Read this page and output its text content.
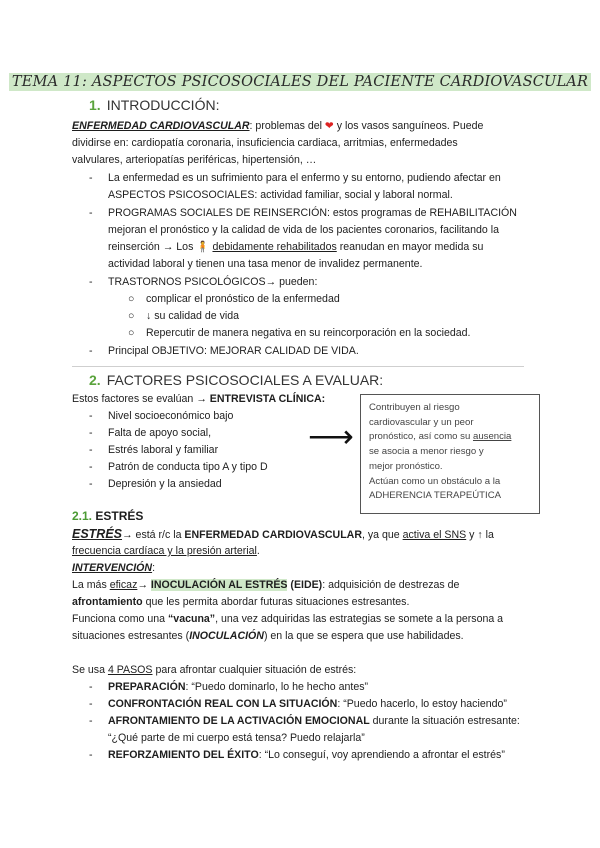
TEMA 11: ASPECTOS PSICOSOCIALES DEL PACIENTE CARDIOVASCULAR
1. INTRODUCCIÓN:
ENFERMEDAD CARDIOVASCULAR: problemas del ❤ y los vasos sanguíneos. Puede
dividirse en: cardiopatía coronaria, insuficiencia cardiaca, arritmias, enfermedades
valvulares, arteriopatías periféricas, hipertensión, …
- La enfermedad es un sufrimiento para el enfermo y su entorno, pudiendo afectar en
ASPECTOS PSICOSOCIALES: actividad familiar, social y laboral normal.
- PROGRAMAS SOCIALES DE REINSERCIÓN: estos programas de REHABILITACIÓN
mejoran el pronóstico y la calidad de vida de los pacientes coronarios, facilitando la
reinserción → Los 🧍 debidamente rehabilitados reanudan en mayor medida su
actividad laboral y tienen una tasa menor de invalidez permanente.
- TRASTORNOS PSICOLÓGICOS→ pueden:
○ complicar el pronóstico de la enfermedad
○ ↓ su calidad de vida
○ Repercutir de manera negativa en su reincorporación en la sociedad.
- Principal OBJETIVO: MEJORAR CALIDAD DE VIDA.
2. FACTORES PSICOSOCIALES A EVALUAR:
Estos factores se evalúan → ENTREVISTA CLÍNICA:
- Nivel socioeconómico bajo
- Falta de apoyo social,
- Estrés laboral y familiar
- Patrón de conducta tipo A y tipo D
- Depresión y la ansiedad
⟶
Contribuyen al riesgo
cardiovascular y un peor
pronóstico, así como su ausencia
se asocia a menor riesgo y
mejor pronóstico.
Actúan como un obstáculo a la
ADHERENCIA TERAPEÚTICA
2.1. ESTRÉS
ESTRÉS→ está r/c la ENFERMEDAD CARDIOVASCULAR, ya que activa el SNS y ↑ la
frecuencia cardíaca y la presión arterial.
INTERVENCIÓN:
La más eficaz→ INOCULACIÓN AL ESTRÉS (EIDE): adquisición de destrezas de
afrontamiento que les permita abordar futuras situaciones estresantes.
Funciona como una “vacuna”, una vez adquiridas las estrategias se somete a la persona a
situaciones estresantes (INOCULACIÓN) en la que se espera que use habilidades.
Se usa 4 PASOS para afrontar cualquier situación de estrés:
- PREPARACIÓN: “Puedo dominarlo, lo he hecho antes”
- CONFRONTACIÓN REAL CON LA SITUACIÓN: “Puedo hacerlo, lo estoy haciendo”
- AFRONTAMIENTO DE LA ACTIVACIÓN EMOCIONAL durante la situación estresante:
“¿Qué parte de mi cuerpo está tensa? Puedo relajarla”
- REFORZAMIENTO DEL ÉXITO: “Lo conseguí, voy aprendiendo a afrontar el estrés”
